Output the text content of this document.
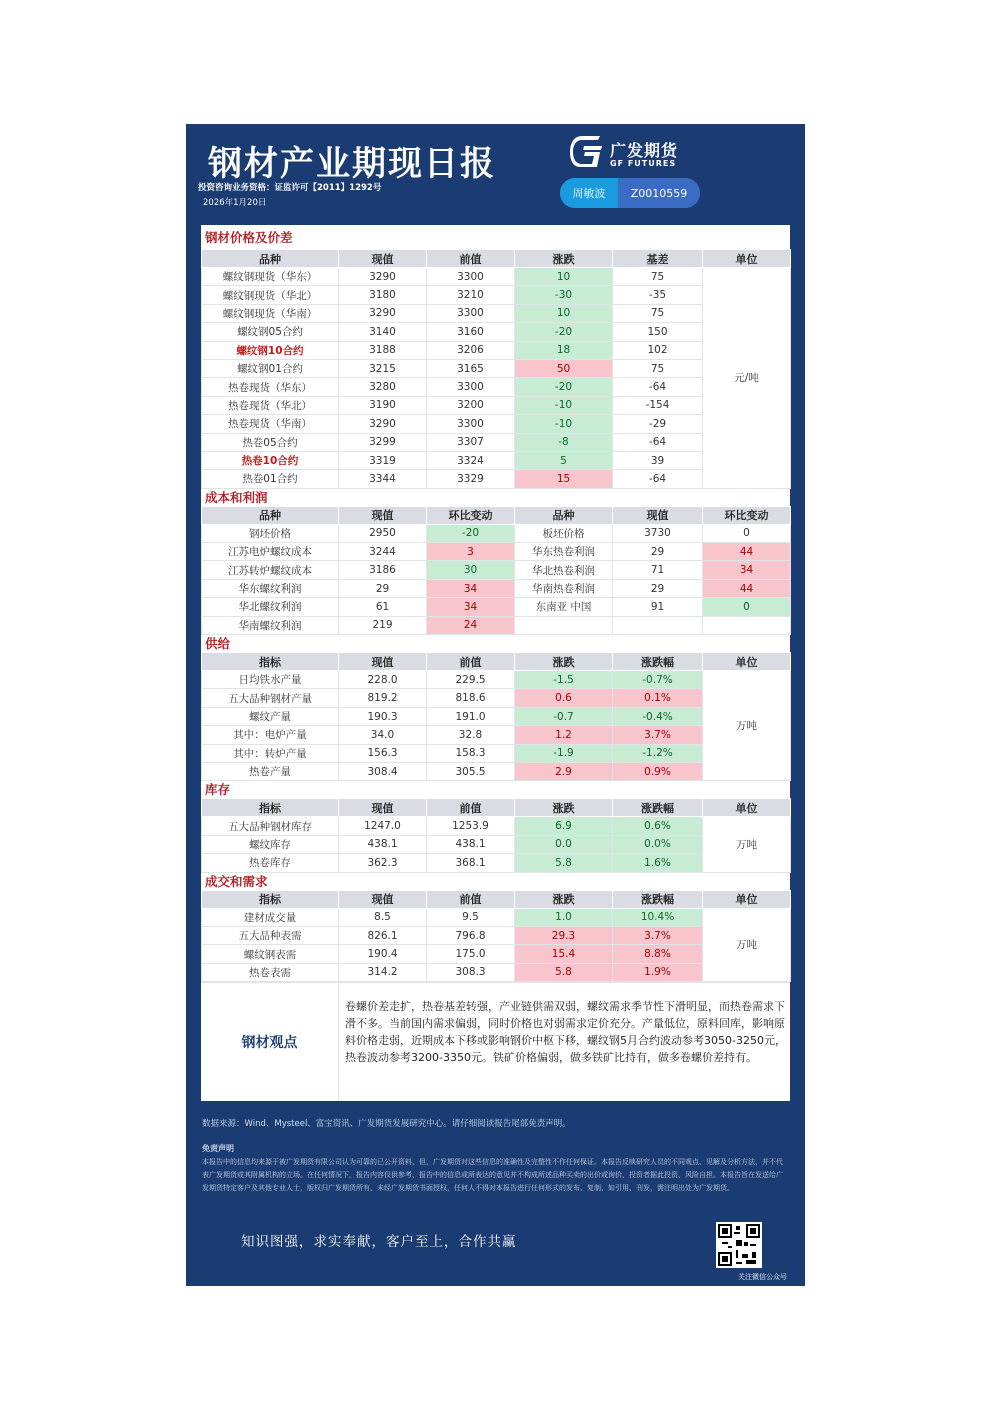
钢材产业期现日报
投资咨询业务资格：证监许可【2011】1292号
2026年1月20日
广发期货
GF FUTURES
周敏波	Z0010559
钢材价格及价差
品种	现值	前值	涨跌	基差	单位
螺纹钢现货（华东）	3290	3300	10	75	元/吨
螺纹钢现货（华北）	3180	3210	-30	-35	
螺纹钢现货（华南）	3290	3300	10	75	
螺纹钢05合约	3140	3160	-20	150	
螺纹钢10合约	3188	3206	18	102	
螺纹钢01合约	3215	3165	50	75	
热卷现货（华东）	3280	3300	-20	-64	
热卷现货（华北）	3190	3200	-10	-154	
热卷现货（华南）	3290	3300	-10	-29	
热卷05合约	3299	3307	-8	-64	
热卷10合约	3319	3324	5	39	
热卷01合约	3344	3329	15	-64	
成本和利润
品种	现值	环比变动	品种	现值	环比变动
钢坯价格	2950	-20	板坯价格	3730	0
江苏电炉螺纹成本	3244	3	华东热卷利润	29	44
江苏转炉螺纹成本	3186	30	华北热卷利润	71	34
华东螺纹利润	29	34	华南热卷利润	29	44
华北螺纹利润	61	34	东南亚 中国	91	0
华南螺纹利润	219	24			
供给
指标	现值	前值	涨跌	涨跌幅	单位
日均铁水产量	228.0	229.5	-1.5	-0.7%	万吨
五大品种钢材产量	819.2	818.6	0.6	0.1%	
螺纹产量	190.3	191.0	-0.7	-0.4%	
其中：电炉产量	34.0	32.8	1.2	3.7%	
其中：转炉产量	156.3	158.3	-1.9	-1.2%	
热卷产量	308.4	305.5	2.9	0.9%	
库存
指标	现值	前值	涨跌	涨跌幅	单位
五大品种钢材库存	1247.0	1253.9	6.9	0.6%	万吨
螺纹库存	438.1	438.1	0.0	0.0%	
热卷库存	362.3	368.1	5.8	1.6%	
成交和需求
指标	现值	前值	涨跌	涨跌幅	单位
建材成交量	8.5	9.5	1.0	10.4%	万吨
五大品种表需	826.1	796.8	29.3	3.7%	
螺纹钢表需	190.4	175.0	15.4	8.8%	
热卷表需	314.2	308.3	5.8	1.9%	
钢材观点
卷螺价差走扩，热卷基差转强，产业链供需双弱，螺纹需求季节性下滑明显，而热卷需求下滑不多。当前国内需求偏弱，同时价格也对弱需求定价充分。产量低位，原料回库，影响原料价格走弱，近期成本下移或影响钢价中枢下移，螺纹钢5月合约波动参考3050-3250元，热卷波动参考3200-3350元。铁矿价格偏弱，做多铁矿比持有，做多卷螺价差持有。
数据来源：Wind、Mysteel、富宝资讯、广发期货发展研究中心。请仔细阅读报告尾部免责声明。
免责声明
本报告中的信息均来源于被广发期货有限公司认为可靠的已公开资料，但，广发期货对这些信息的准确性及完整性不作任何保证。本报告反映研究人员的不同观点、见解及分析方法，并不代表广发期货或其附属机构的立场。在任何情况下，报告内容仅供参考，报告中的信息或所表达的意见并不构成所述品种买卖的出价或询价，投资者据此投资，风险自担。本报告旨在发送给广发期货特定客户及其他专业人士，版权归广发期货所有，未经广发期货书面授权，任何人不得对本报告进行任何形式的发布、复制、如引用、刊发，需注明出处为广发期货。
知识图强，求实奉献，客户至上，合作共赢
关注微信公众号
